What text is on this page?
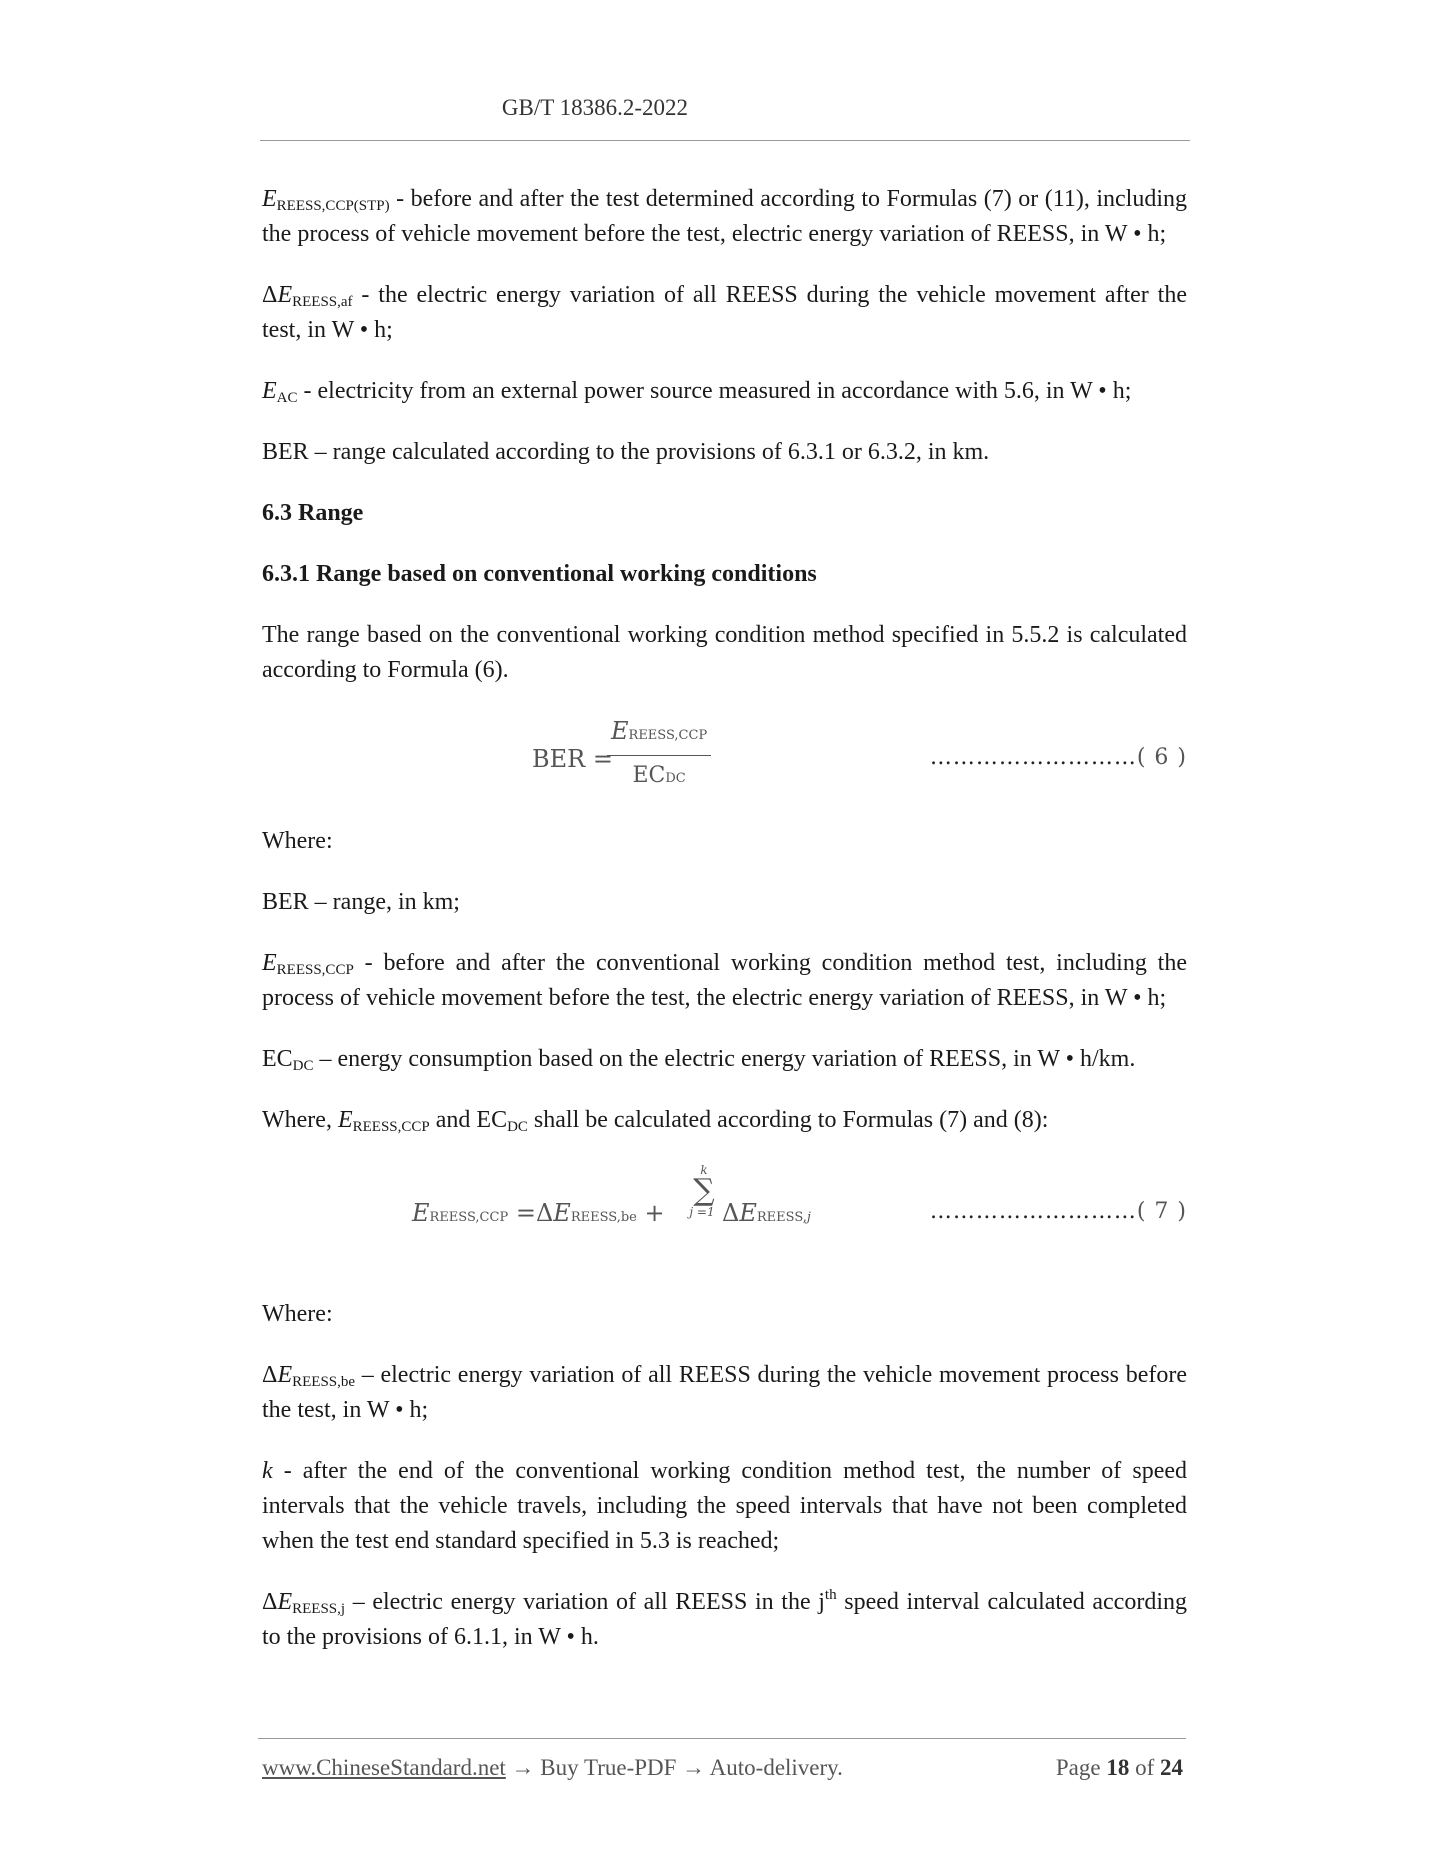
GB/T 18386.2-2022

$E_{REESS,CCP(STP)}$ - before and after the test determined according to Formulas (7) or (11), including the process of vehicle movement before the test, electric energy variation of REESS, in W • h;

$\Delta E_{REESS,af}$ - the electric energy variation of all REESS during the vehicle movement after the test, in W • h;

$E_{AC}$ - electricity from an external power source measured in accordance with 5.6, in W • h;

BER – range calculated according to the provisions of 6.3.1 or 6.3.2, in km.

6.3 Range

6.3.1 Range based on conventional working conditions

The range based on the conventional working condition method specified in 5.5.2 is calculated according to Formula (6).

BER =
EREESS,CCP
ECDC
………………………( 6 )

Where:

BER – range, in km;

$E_{REESS,CCP}$ - before and after the conventional working condition method test, including the process of vehicle movement before the test, the electric energy variation of REESS, in W • h;

$EC_{DC}$ – energy consumption based on the electric energy variation of REESS, in W • h/km.

Where, $E_{REESS,CCP}$ and $EC_{DC}$ shall be calculated according to Formulas (7) and (8):

EREESS,CCP =ΔEREESS,be +
k
∑
j =1 ΔEREESS,j	………………………( 7 )

Where:

$\Delta E_{REESS,be}$ – electric energy variation of all REESS during the vehicle movement process before the test, in W • h;

k - after the end of the conventional working condition method test, the number of speed intervals that the vehicle travels, including the speed intervals that have not been completed when the test end standard specified in 5.3 is reached;

$\Delta E_{REESS,j}$ – electric energy variation of all REESS in the $j^{th}$ speed interval calculated according to the provisions of 6.1.1, in W • h.

www.ChineseStandard.net → Buy True-PDF → Auto-delivery.	Page 18 of 24
